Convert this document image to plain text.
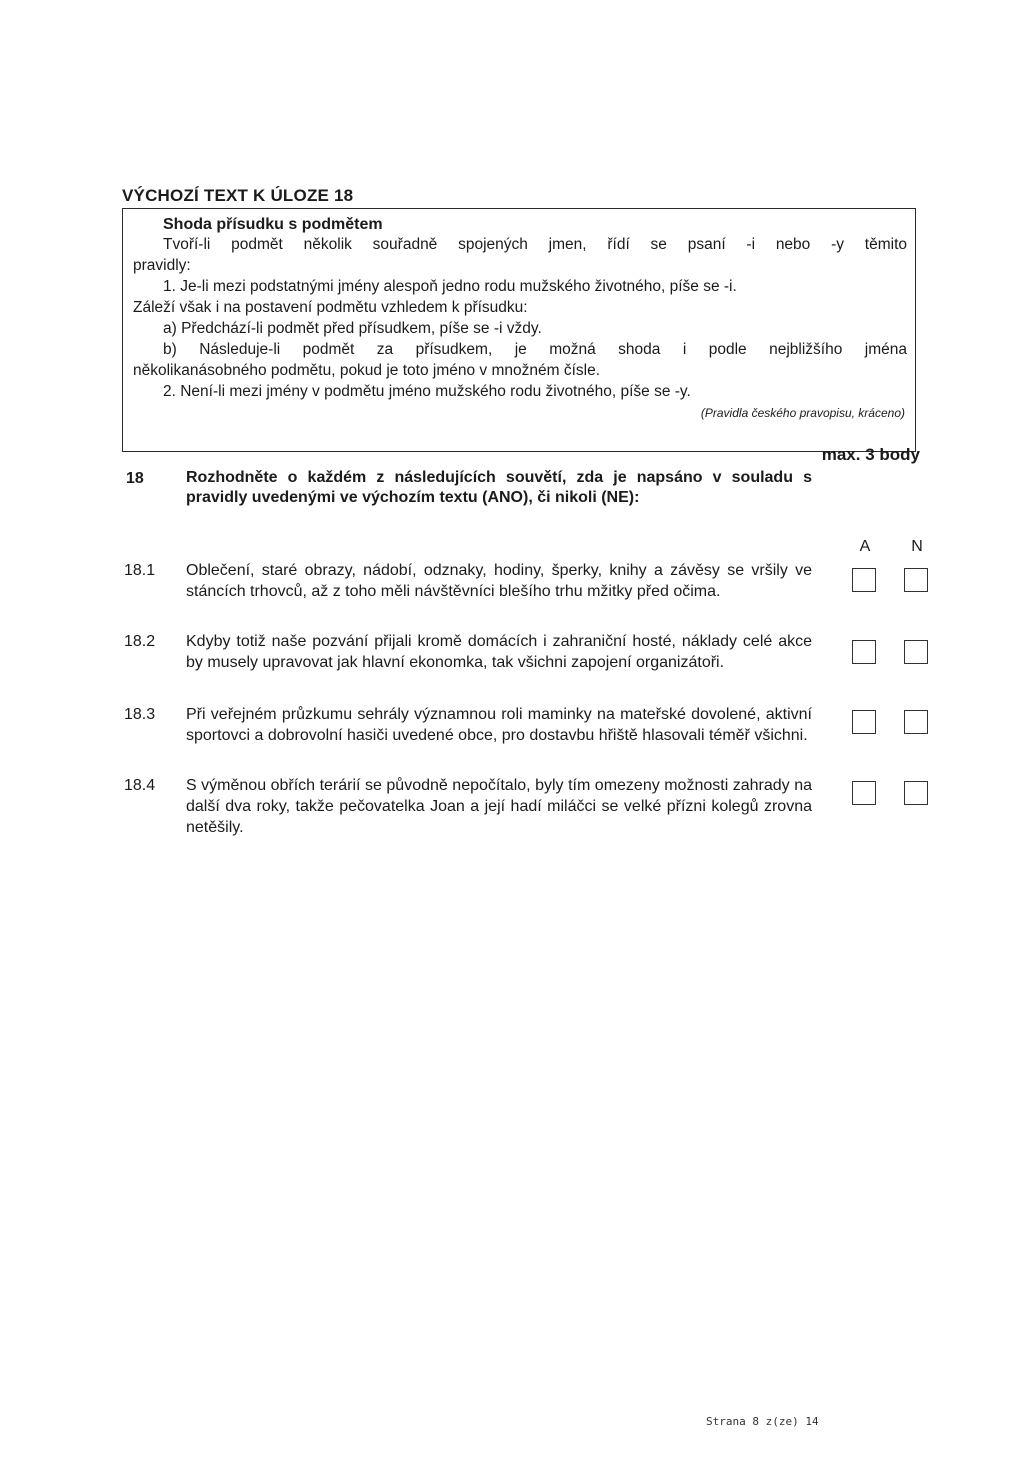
VÝCHOZÍ TEXT K ÚLOZE 18
Shoda přísudku s podmětem
Tvoří-li podmět několik souřadně spojených jmen, řídí se psaní -i nebo -y těmito
pravidly:
1. Je-li mezi podstatnými jmény alespoň jedno rodu mužského životného, píše se -i.
Záleží však i na postavení podmětu vzhledem k přísudku:
a) Předchází-li podmět před přísudkem, píše se -i vždy.
b) Následuje-li podmět za přísudkem, je možná shoda i podle nejbližšího jména
několikanásobného podmětu, pokud je toto jméno v množném čísle.
2. Není-li mezi jmény v podmětu jméno mužského rodu životného, píše se -y.
(Pravidla českého pravopisu, kráceno)
max. 3 body
18	Rozhodněte o každém z následujících souvětí, zda je napsáno v souladu s pravidly uvedenými ve výchozím textu (ANO), či nikoli (NE):
A	N
18.1 Oblečení, staré obrazy, nádobí, odznaky, hodiny, šperky, knihy a závěsy se vršily ve stáncích trhovců, až z toho měli návštěvníci blešího trhu mžitky před očima.
18.2 Kdyby totiž naše pozvání přijali kromě domácích i zahraniční hosté, náklady celé akce by musely upravovat jak hlavní ekonomka, tak všichni zapojení organizátoři.
18.3 Při veřejném průzkumu sehrály významnou roli maminky na mateřské dovolené, aktivní sportovci a dobrovolní hasiči uvedené obce, pro dostavbu hřiště hlasovali téměř všichni.
18.4 S výměnou obřích terárií se původně nepočítalo, byly tím omezeny možnosti zahrady na další dva roky, takže pečovatelka Joan a její hadí miláčci se velké přízni kolegů zrovna netěšily.
Strana 8 z(ze) 14
